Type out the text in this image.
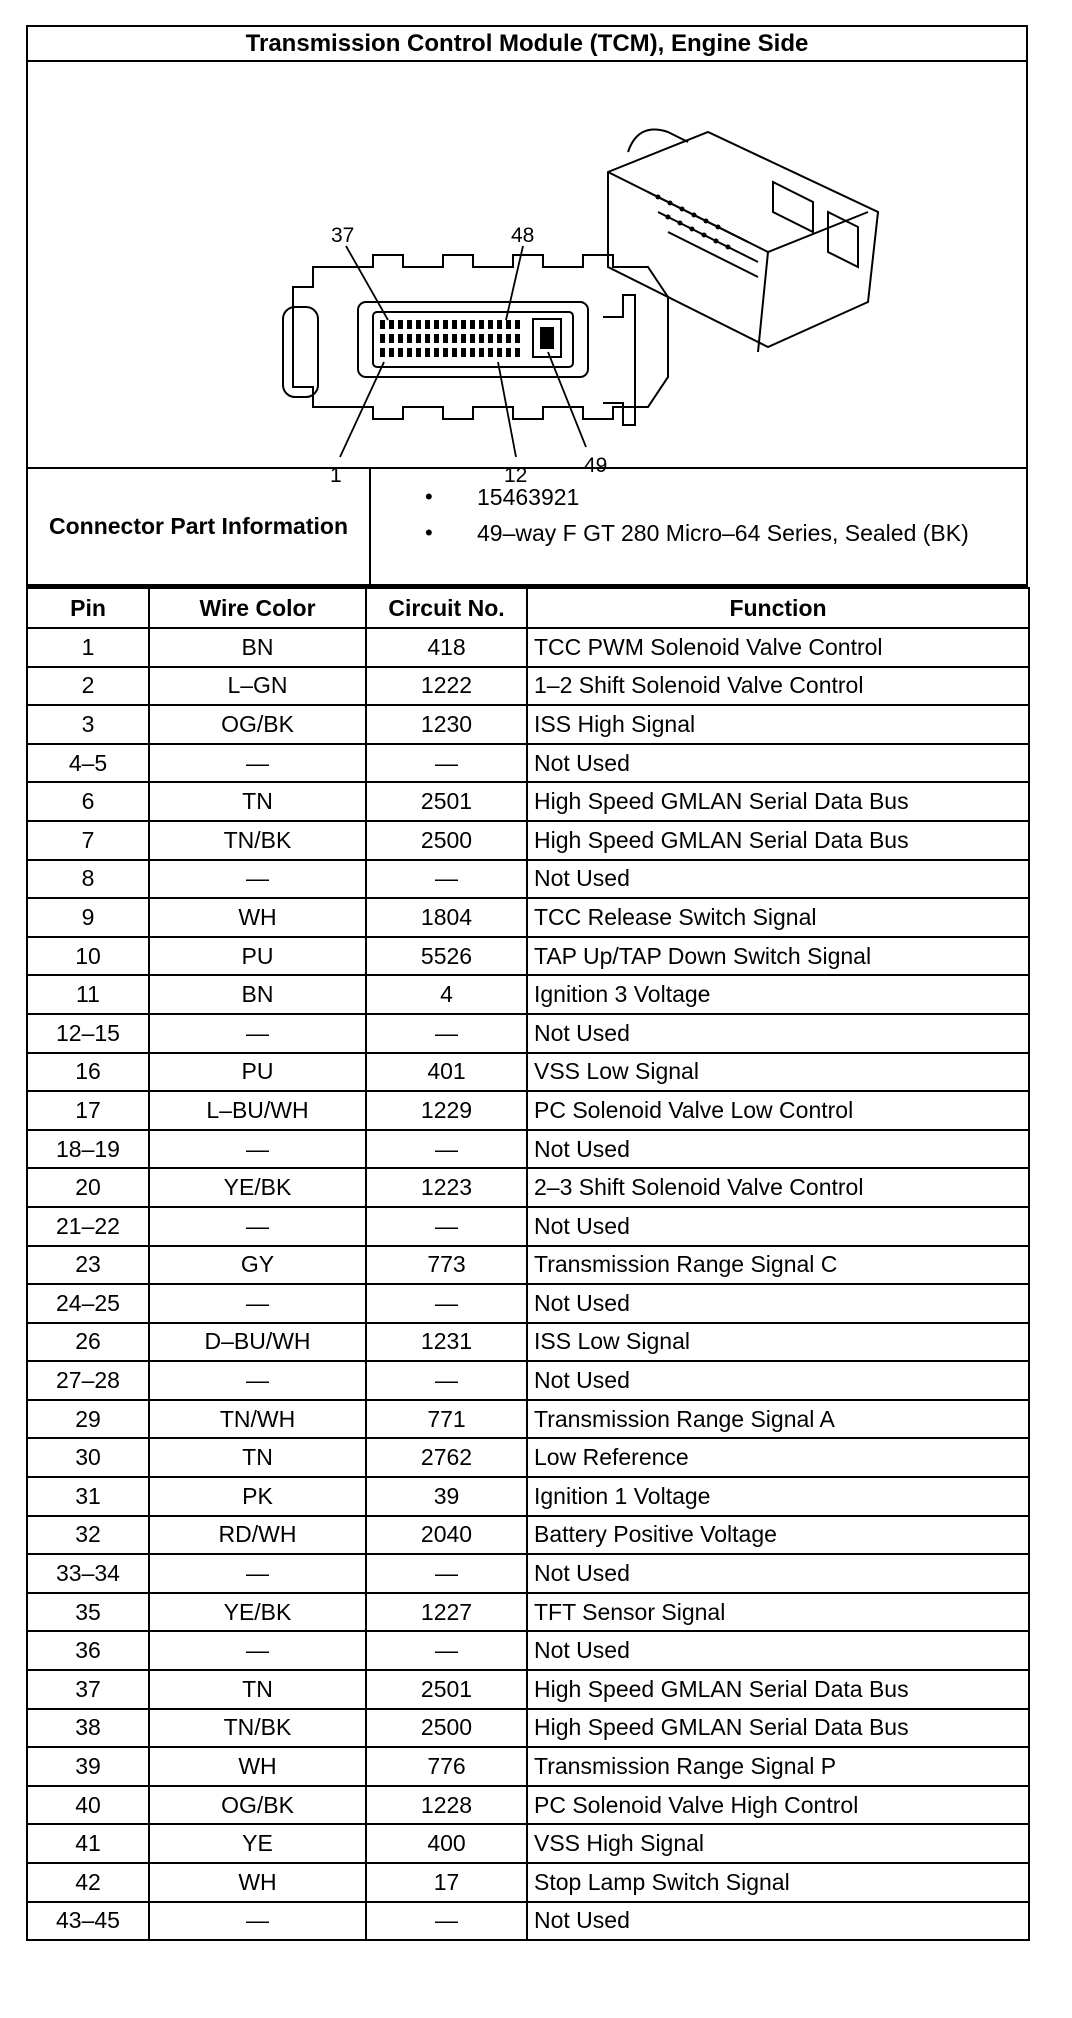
Transmission Control Module (TCM), Engine Side
37	48
1	12	49
Connector Part Information
•	15463921
•	49–way F GT 280 Micro–64 Series, Sealed (BK)
Pin	Wire Color	Circuit No.	Function
1	BN	418	TCC PWM Solenoid Valve Control
2	L–GN	1222	1–2 Shift Solenoid Valve Control
3	OG/BK	1230	ISS High Signal
4–5	—	—	Not Used
6	TN	2501	High Speed GMLAN Serial Data Bus
7	TN/BK	2500	High Speed GMLAN Serial Data Bus
8	—	—	Not Used
9	WH	1804	TCC Release Switch Signal
10	PU	5526	TAP Up/TAP Down Switch Signal
11	BN	4	Ignition 3 Voltage
12–15	—	—	Not Used
16	PU	401	VSS Low Signal
17	L–BU/WH	1229	PC Solenoid Valve Low Control
18–19	—	—	Not Used
20	YE/BK	1223	2–3 Shift Solenoid Valve Control
21–22	—	—	Not Used
23	GY	773	Transmission Range Signal C
24–25	—	—	Not Used
26	D–BU/WH	1231	ISS Low Signal
27–28	—	—	Not Used
29	TN/WH	771	Transmission Range Signal A
30	TN	2762	Low Reference
31	PK	39	Ignition 1 Voltage
32	RD/WH	2040	Battery Positive Voltage
33–34	—	—	Not Used
35	YE/BK	1227	TFT Sensor Signal
36	—	—	Not Used
37	TN	2501	High Speed GMLAN Serial Data Bus
38	TN/BK	2500	High Speed GMLAN Serial Data Bus
39	WH	776	Transmission Range Signal P
40	OG/BK	1228	PC Solenoid Valve High Control
41	YE	400	VSS High Signal
42	WH	17	Stop Lamp Switch Signal
43–45	—	—	Not Used
